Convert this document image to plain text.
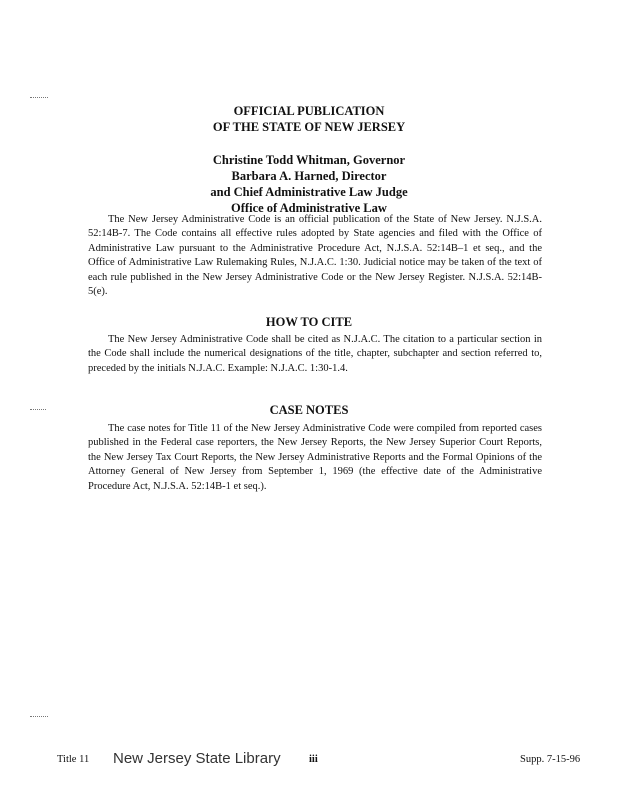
OFFICIAL PUBLICATION
OF THE STATE OF NEW JERSEY
Christine Todd Whitman, Governor
Barbara A. Harned, Director
and Chief Administrative Law Judge
Office of Administrative Law

The New Jersey Administrative Code is an official publication of the State of New Jersey. N.J.S.A. 52:14B-7. The Code contains all effective rules adopted by State agencies and filed with the Office of Administrative Law pursuant to the Administrative Procedure Act, N.J.S.A. 52:14B–1 et seq., and the Office of Administrative Law Rulemaking Rules, N.J.A.C. 1:30. Judicial notice may be taken of the text of each rule published in the New Jersey Administrative Code or the New Jersey Register. N.J.S.A. 52:14B-5(e).

HOW TO CITE

The New Jersey Administrative Code shall be cited as N.J.A.C. The citation to a particular section in the Code shall include the numerical designations of the title, chapter, subchapter and section referred to, preceded by the initials N.J.A.C. Example: N.J.A.C. 1:30-1.4.

CASE NOTES

The case notes for Title 11 of the New Jersey Administrative Code were compiled from reported cases published in the Federal case reporters, the New Jersey Reports, the New Jersey Superior Court Reports, the New Jersey Tax Court Reports, the New Jersey Administrative Reports and the Formal Opinions of the Attorney General of New Jersey from September 1, 1969 (the effective date of the Administrative Procedure Act, N.J.S.A. 52:14B-1 et seq.).

Title 11 New Jersey State Library	iii	Supp. 7-15-96
